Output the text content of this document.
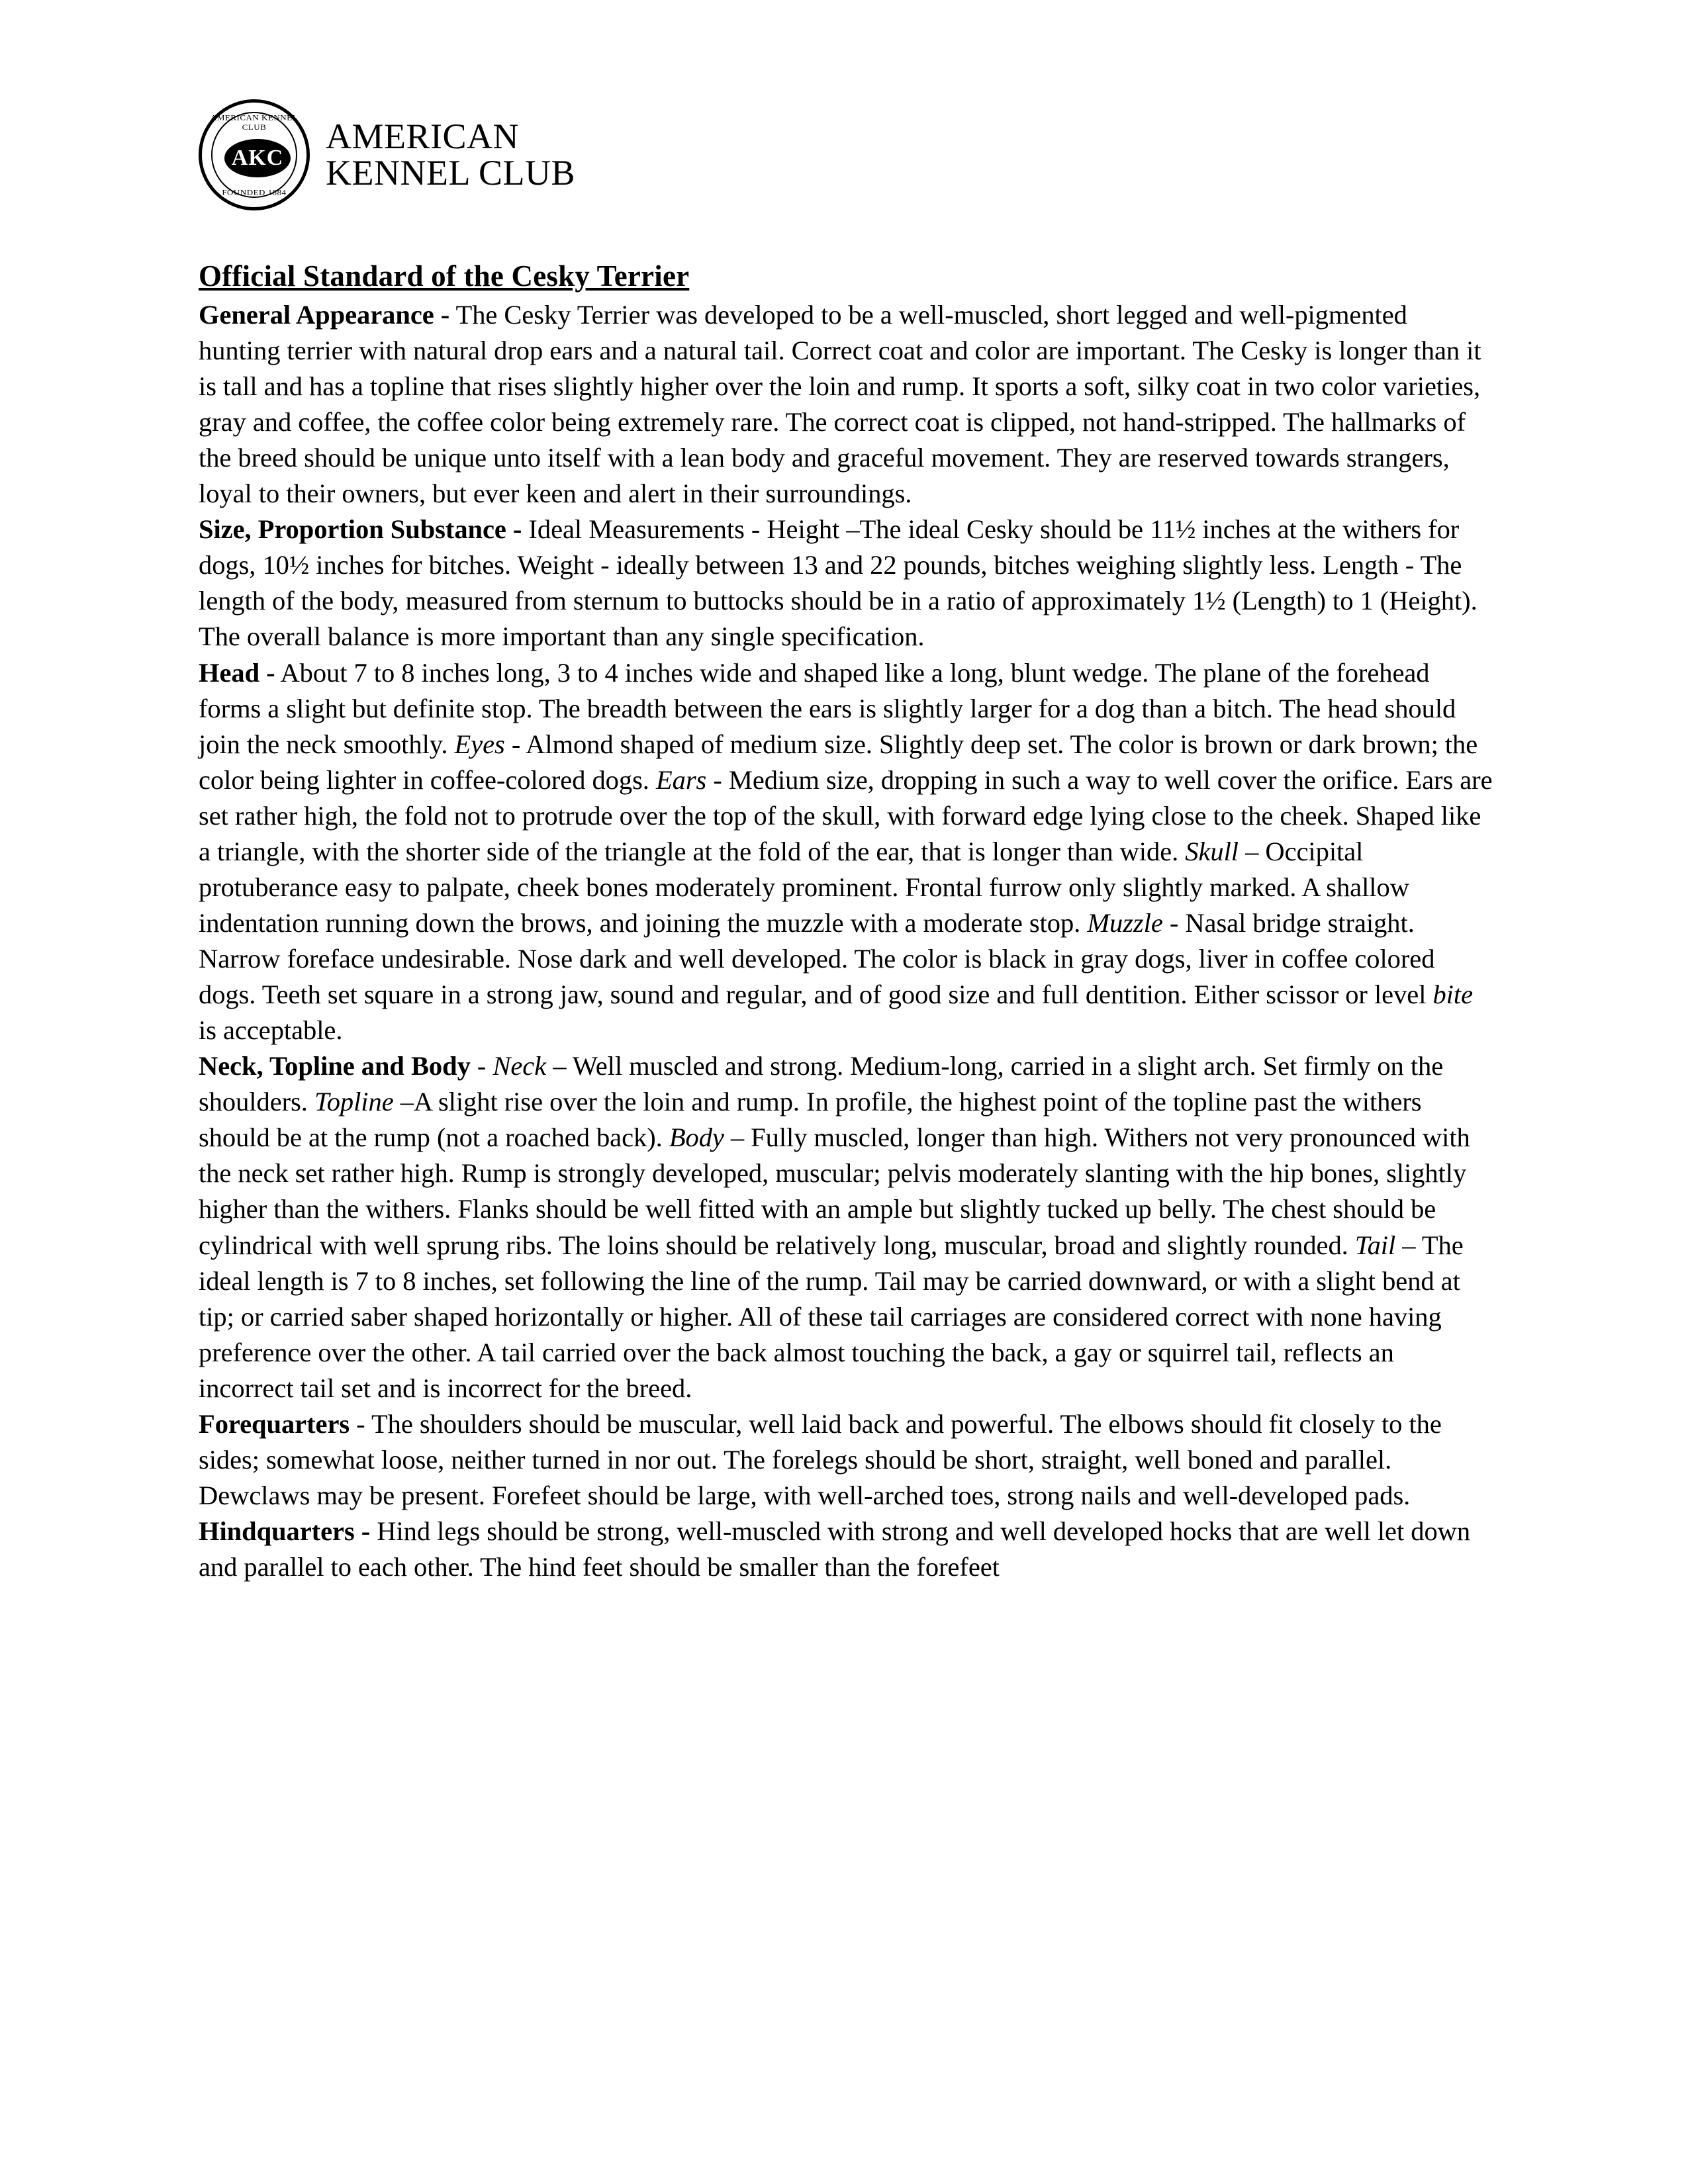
AMERICAN KENNEL CLUB
AKC
FOUNDED 1884
AMERICAN
KENNEL CLUB
Official Standard of the Cesky Terrier

General Appearance - The Cesky Terrier was developed to be a well-muscled, short legged and well-pigmented hunting terrier with natural drop ears and a natural tail. Correct coat and color are important. The Cesky is longer than it is tall and has a topline that rises slightly higher over the loin and rump. It sports a soft, silky coat in two color varieties, gray and coffee, the coffee color being extremely rare. The correct coat is clipped, not hand-stripped. The hallmarks of the breed should be unique unto itself with a lean body and graceful movement. They are reserved towards strangers, loyal to their owners, but ever keen and alert in their surroundings.

Size, Proportion Substance - Ideal Measurements - Height –The ideal Cesky should be 11½ inches at the withers for dogs, 10½ inches for bitches. Weight - ideally between 13 and 22 pounds, bitches weighing slightly less. Length - The length of the body, measured from sternum to buttocks should be in a ratio of approximately 1½ (Length) to 1 (Height). The overall balance is more important than any single specification.

Head - About 7 to 8 inches long, 3 to 4 inches wide and shaped like a long, blunt wedge. The plane of the forehead forms a slight but definite stop. The breadth between the ears is slightly larger for a dog than a bitch. The head should join the neck smoothly. Eyes - Almond shaped of medium size. Slightly deep set. The color is brown or dark brown; the color being lighter in coffee-colored dogs. Ears - Medium size, dropping in such a way to well cover the orifice. Ears are set rather high, the fold not to protrude over the top of the skull, with forward edge lying close to the cheek. Shaped like a triangle, with the shorter side of the triangle at the fold of the ear, that is longer than wide. Skull – Occipital protuberance easy to palpate, cheek bones moderately prominent. Frontal furrow only slightly marked. A shallow indentation running down the brows, and joining the muzzle with a moderate stop. Muzzle - Nasal bridge straight. Narrow foreface undesirable. Nose dark and well developed. The color is black in gray dogs, liver in coffee colored dogs. Teeth set square in a strong jaw, sound and regular, and of good size and full dentition. Either scissor or level bite is acceptable.

Neck, Topline and Body - Neck – Well muscled and strong. Medium-long, carried in a slight arch. Set firmly on the shoulders. Topline –A slight rise over the loin and rump. In profile, the highest point of the topline past the withers should be at the rump (not a roached back). Body – Fully muscled, longer than high. Withers not very pronounced with the neck set rather high. Rump is strongly developed, muscular; pelvis moderately slanting with the hip bones, slightly higher than the withers. Flanks should be well fitted with an ample but slightly tucked up belly. The chest should be cylindrical with well sprung ribs. The loins should be relatively long, muscular, broad and slightly rounded. Tail – The ideal length is 7 to 8 inches, set following the line of the rump. Tail may be carried downward, or with a slight bend at tip; or carried saber shaped horizontally or higher. All of these tail carriages are considered correct with none having preference over the other. A tail carried over the back almost touching the back, a gay or squirrel tail, reflects an incorrect tail set and is incorrect for the breed.

Forequarters - The shoulders should be muscular, well laid back and powerful. The elbows should fit closely to the sides; somewhat loose, neither turned in nor out. The forelegs should be short, straight, well boned and parallel. Dewclaws may be present. Forefeet should be large, with well-arched toes, strong nails and well-developed pads.

Hindquarters - Hind legs should be strong, well-muscled with strong and well developed hocks that are well let down and parallel to each other. The hind feet should be smaller than the forefeet
